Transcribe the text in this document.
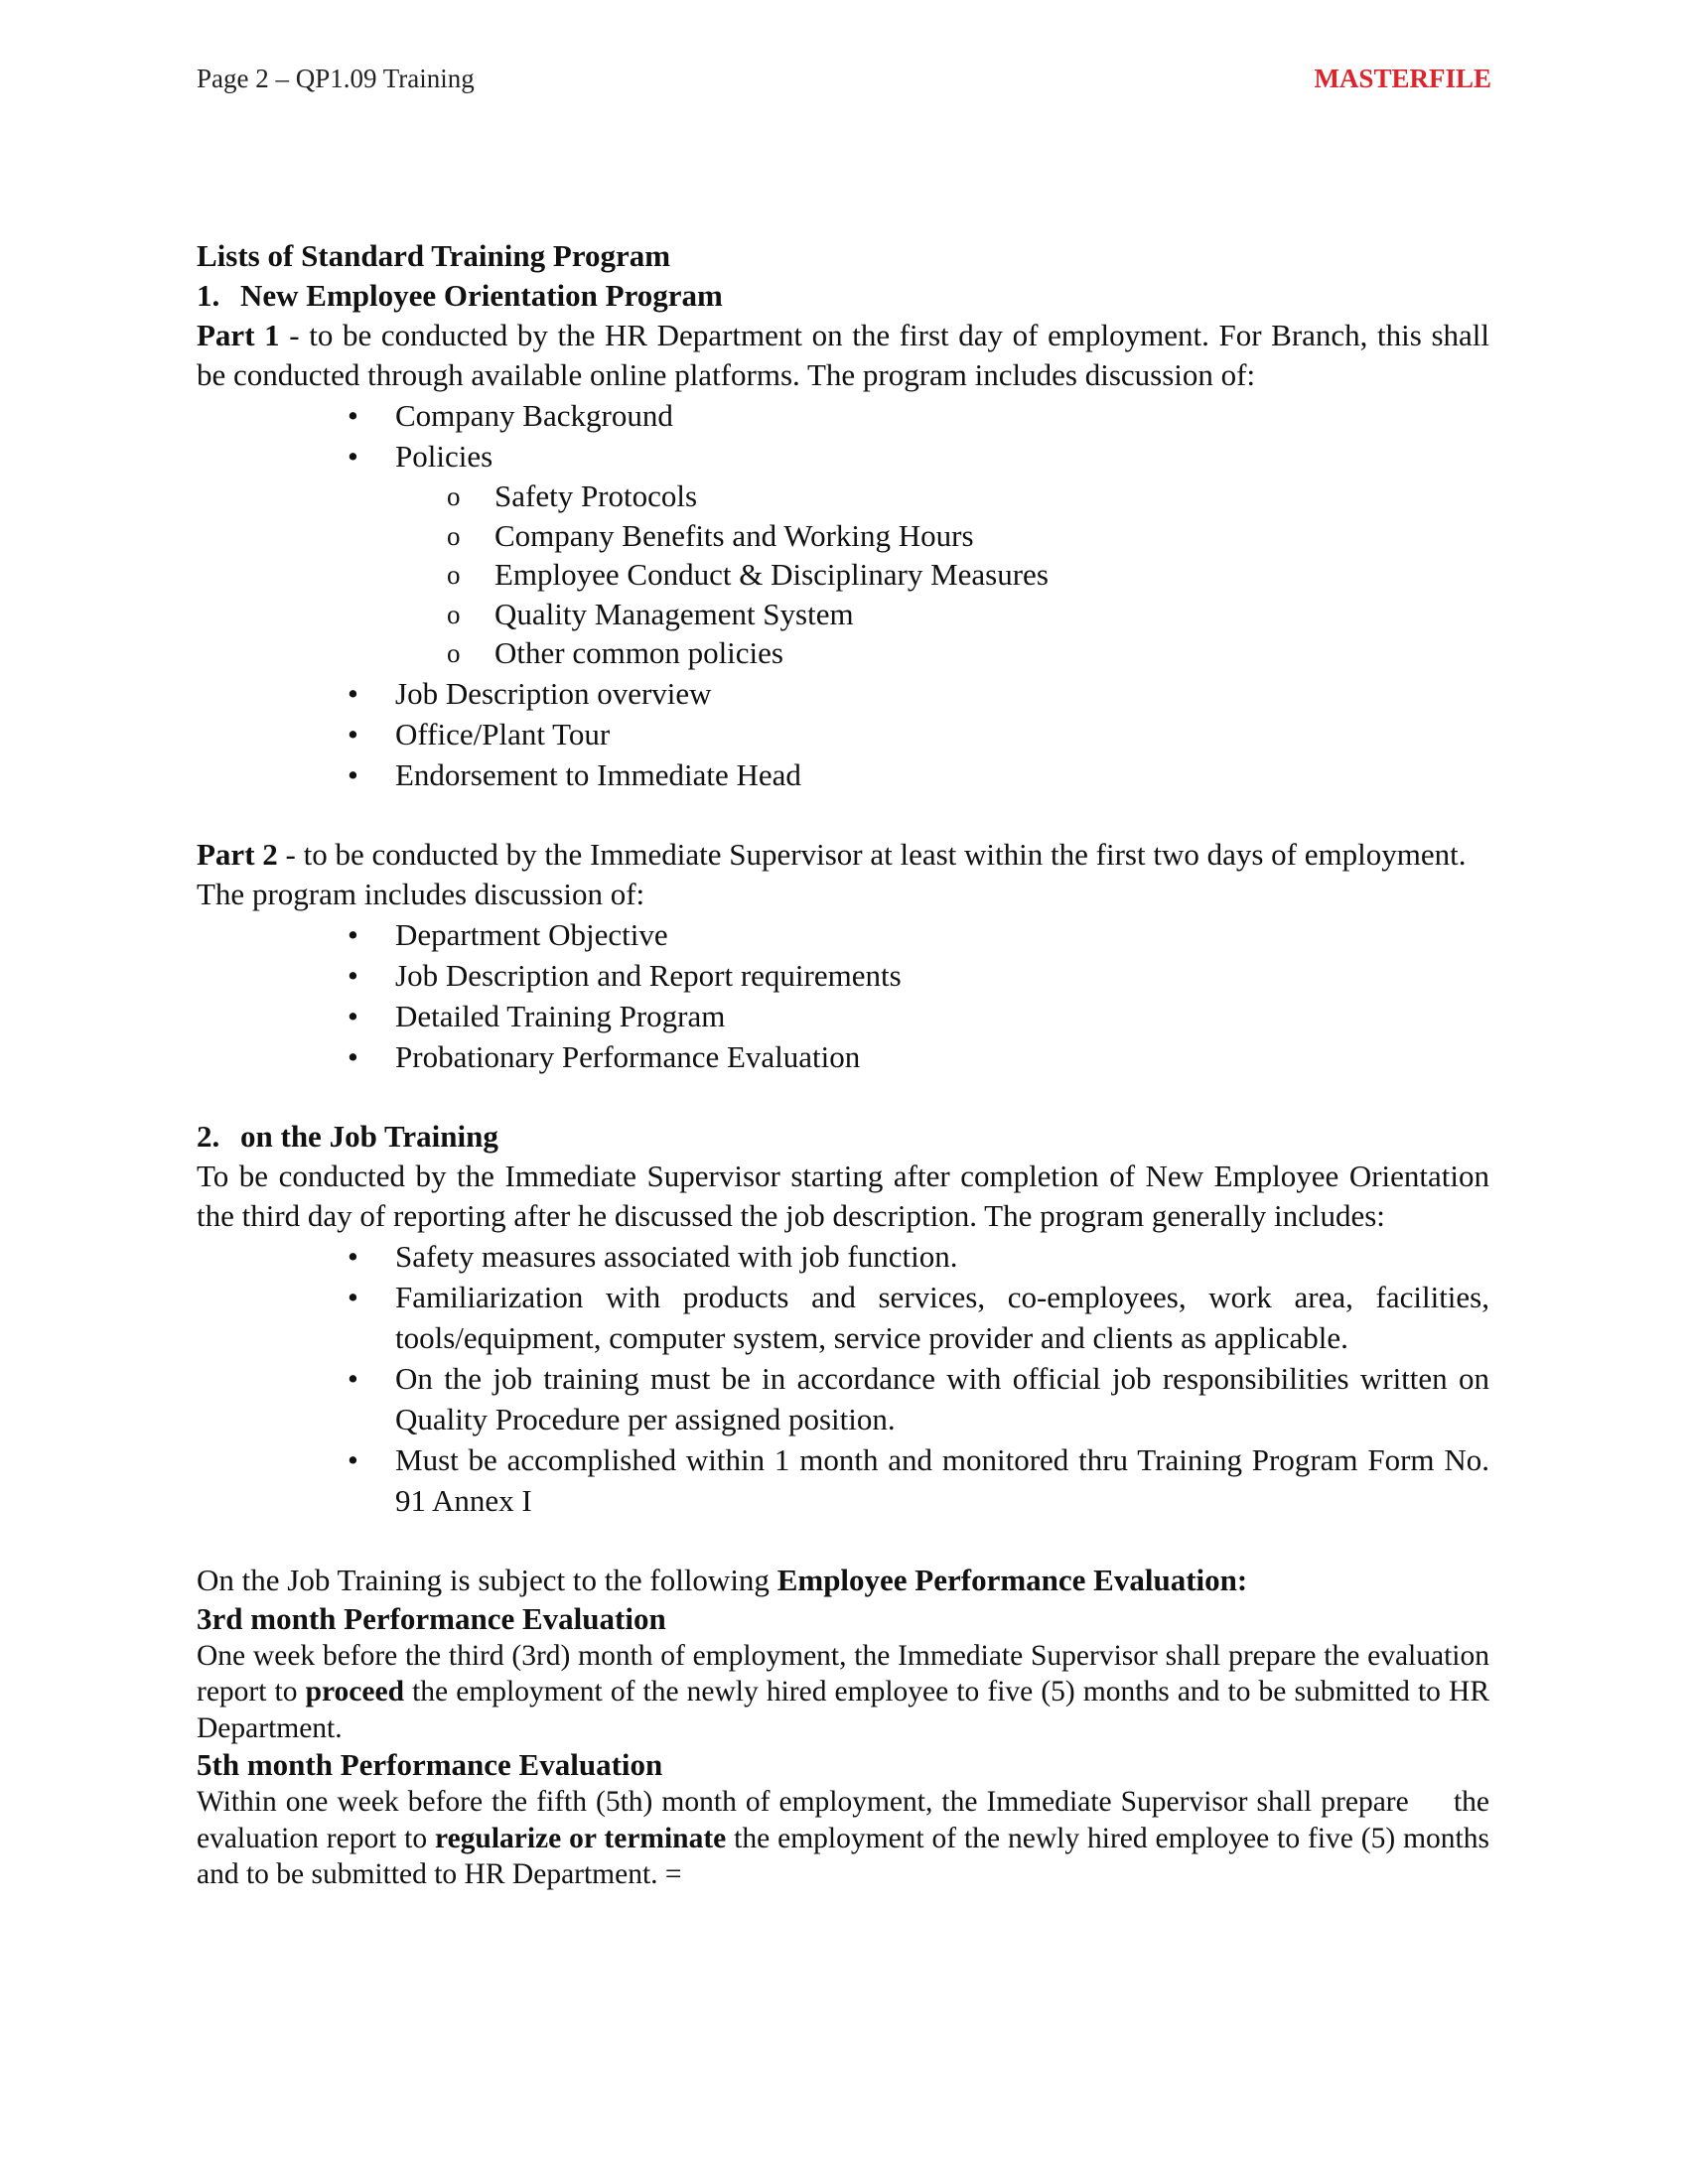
Page 2 – QP1.09 Training	MASTERFILE

Lists of Standard Training Program

1. New Employee Orientation Program

Part 1 - to be conducted by the HR Department on the first day of employment. For Branch, this shall be conducted through available online platforms. The program includes discussion of:

• Company Background
• Policies
o Safety Protocols
o Company Benefits and Working Hours
o Employee Conduct & Disciplinary Measures
o Quality Management System
o Other common policies
• Job Description overview
• Office/Plant Tour
• Endorsement to Immediate Head

Part 2 - to be conducted by the Immediate Supervisor at least within the first two days of employment.

The program includes discussion of:

• Department Objective
• Job Description and Report requirements
• Detailed Training Program
• Probationary Performance Evaluation
2. on the Job Training

To be conducted by the Immediate Supervisor starting after completion of New Employee Orientation the third day of reporting after he discussed the job description. The program generally includes:

• Safety measures associated with job function.
• Familiarization with products and services, co-employees, work area, facilities, tools/equipment, computer system, service provider and clients as applicable.
• On the job training must be in accordance with official job responsibilities written on Quality Procedure per assigned position.
• Must be accomplished within 1 month and monitored thru Training Program Form No. 91 Annex I

On the Job Training is subject to the following Employee Performance Evaluation:

3rd month Performance Evaluation

One week before the third (3rd) month of employment, the Immediate Supervisor shall prepare the evaluation report to proceed the employment of the newly hired employee to five (5) months and to be submitted to HR Department.

5th month Performance Evaluation

Within one week before the fifth (5th) month of employment, the Immediate Supervisor shall prepare     the evaluation report to regularize or terminate the employment of the newly hired employee to five (5) months and to be submitted to HR Department. =
